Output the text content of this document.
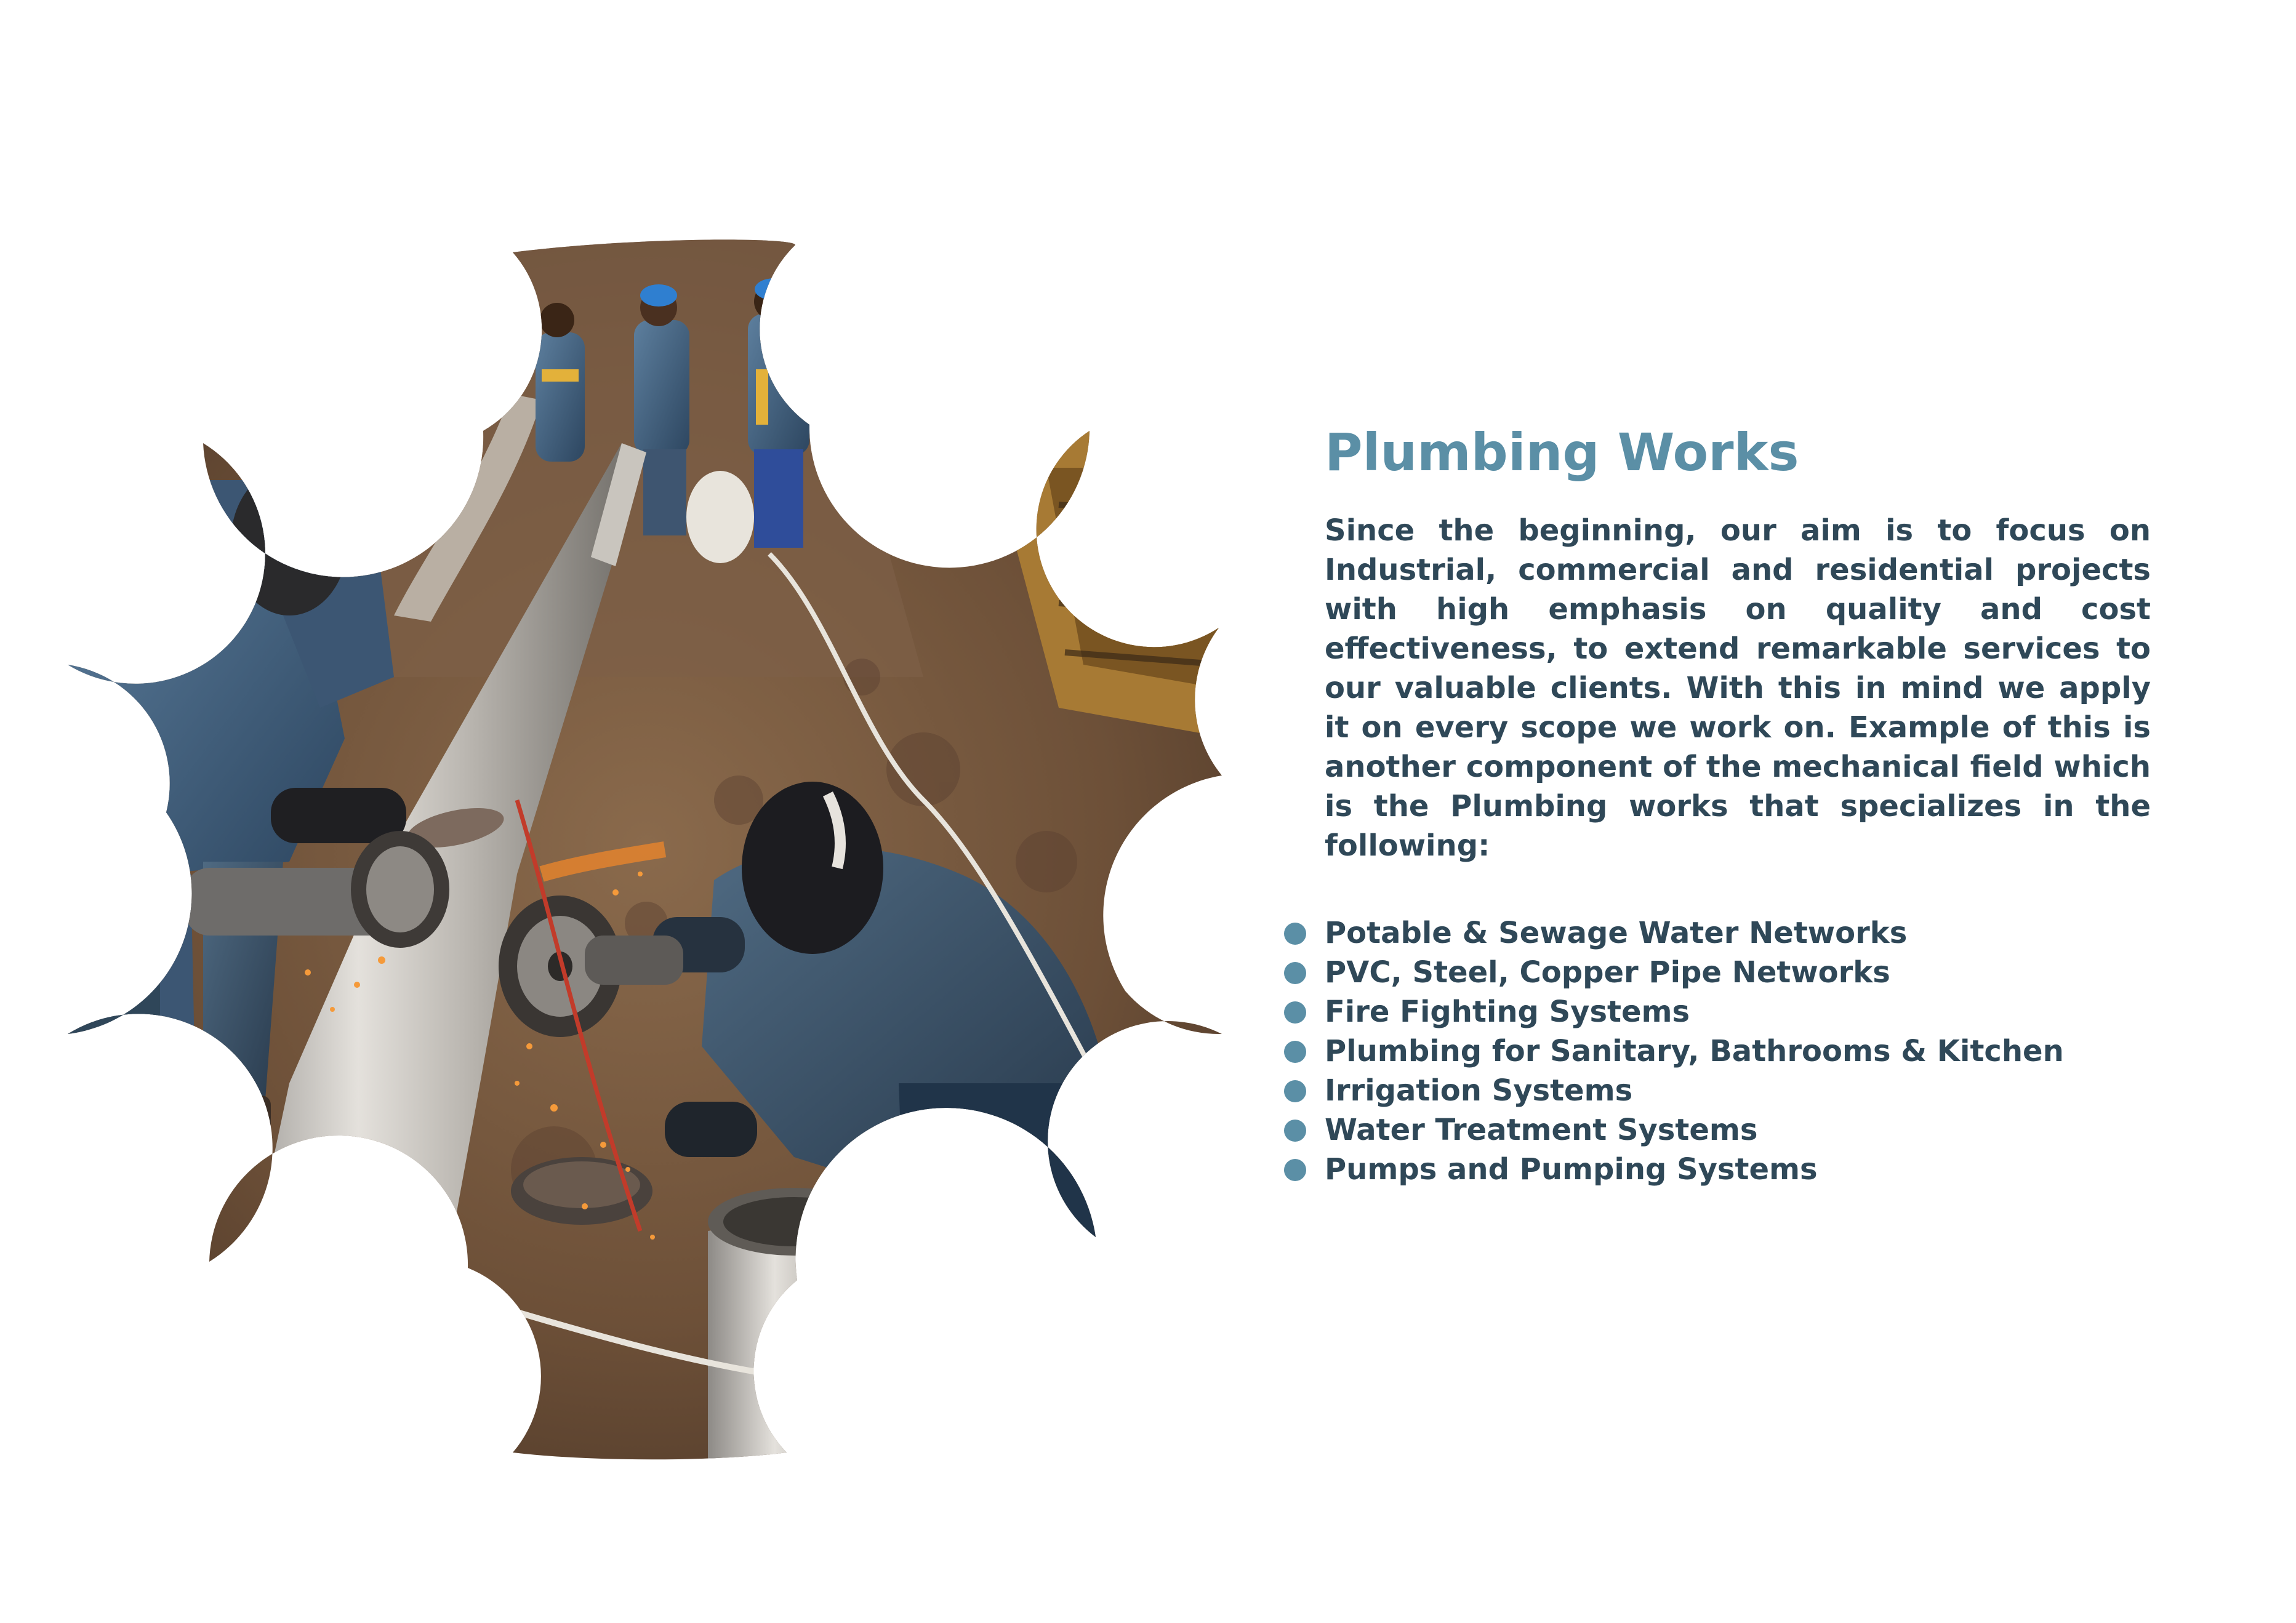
Plumbing Works

Since the beginning, our aim is to focus on Industrial, commercial and residential projects with high emphasis on quality and cost effectiveness, to extend remarkable services to our valuable clients. With this in mind we apply it on every scope we work on. Example of this is another component of the mechanical field which is the Plumbing works that specializes in the following:

Potable & Sewage Water Networks
PVC, Steel, Copper Pipe Networks
Fire Fighting Systems
Plumbing for Sanitary, Bathrooms & Kitchen
Irrigation Systems
Water Treatment Systems
Pumps and Pumping Systems
